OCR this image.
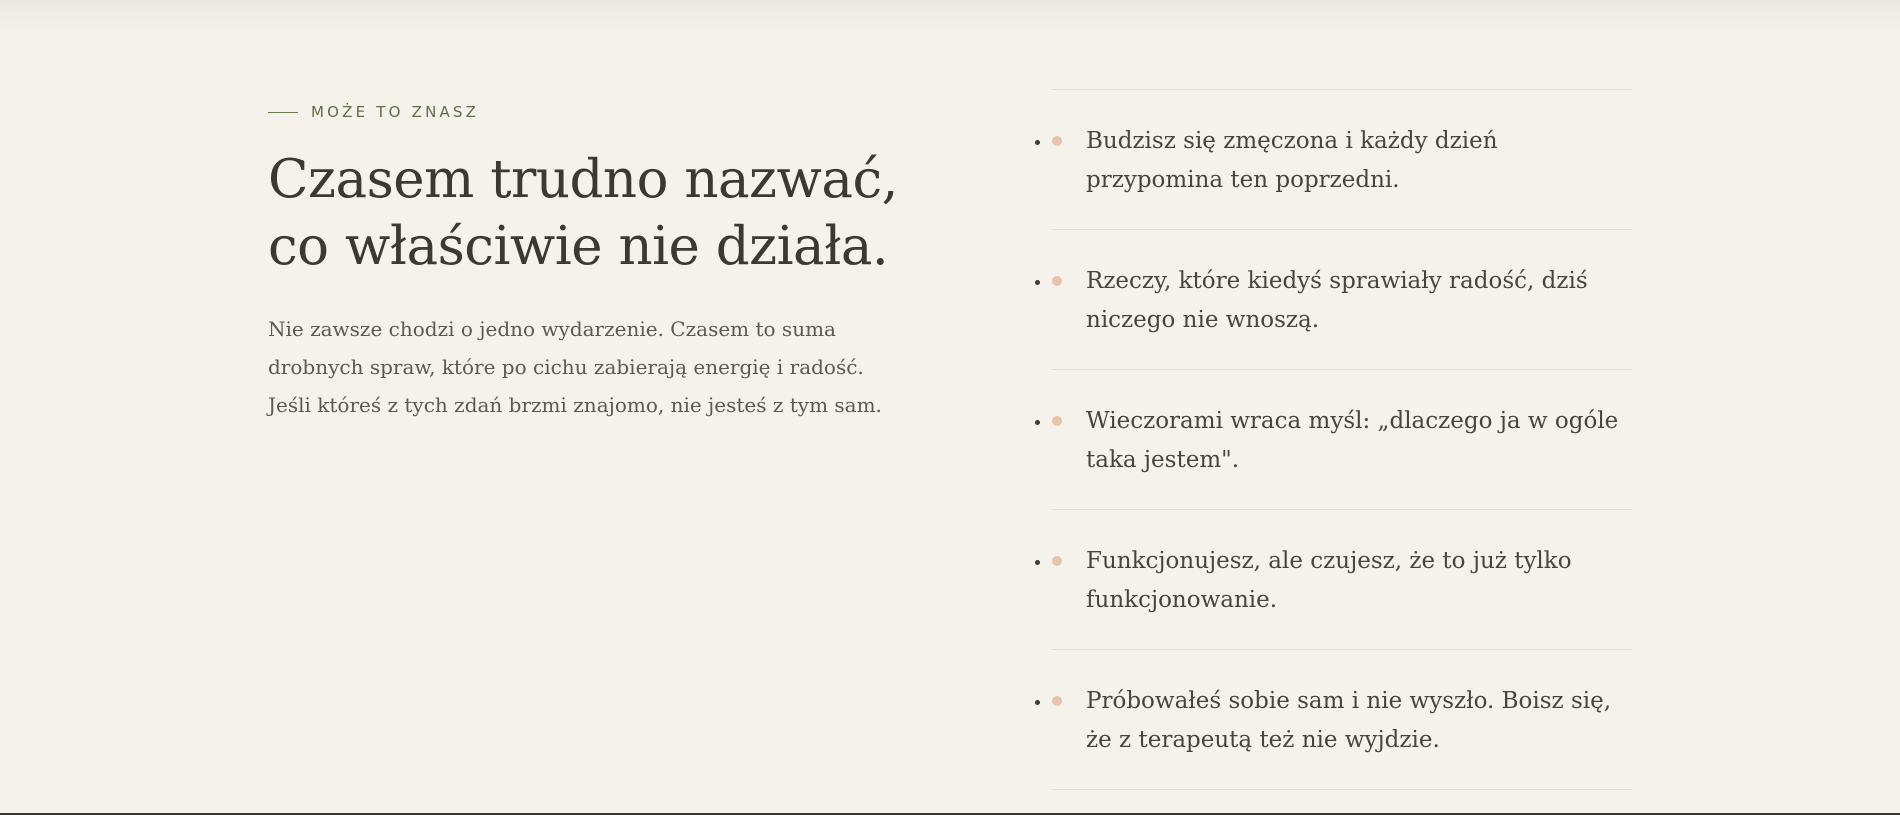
MOŻE TO ZNASZ
Czasem trudno nazwać,
co właściwie nie działa.

Nie zawsze chodzi o jedno wydarzenie. Czasem to suma
drobnych spraw, które po cichu zabierają energię i radość.
Jeśli któreś z tych zdań brzmi znajomo, nie jesteś z tym sam.

• Budzisz się zmęczona i każdy dzień przypomina ten poprzedni.

• Rzeczy, które kiedyś sprawiały radość, dziś niczego nie wnoszą.

• Wieczorami wraca myśl: „dlaczego ja w ogóle taka jestem".

• Funkcjonujesz, ale czujesz, że to już tylko funkcjonowanie.

• Próbowałeś sobie sam i nie wyszło. Boisz się, że z terapeutą też nie wyjdzie.
